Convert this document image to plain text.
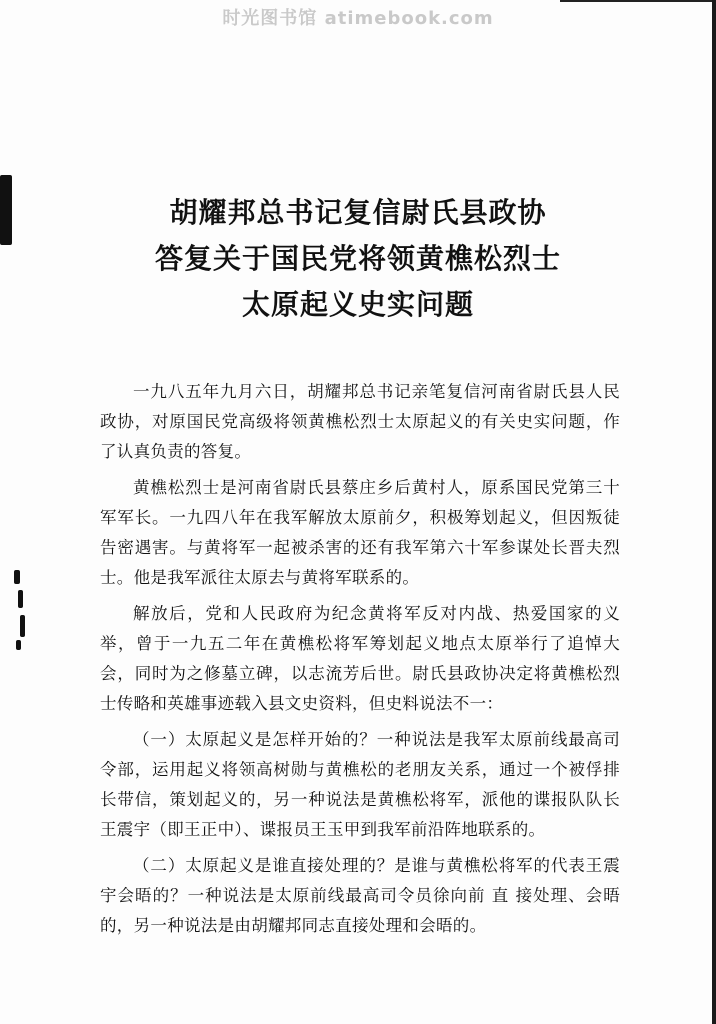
时光图书馆 atimebook.com
胡耀邦总书记复信尉氏县政协
答复关于国民党将领黄樵松烈士
太原起义史实问题

一九八五年九月六日，胡耀邦总书记亲笔复信河南省尉氏县人民政协，对原国民党高级将领黄樵松烈士太原起义的有关史实问题，作了认真负责的答复。

黄樵松烈士是河南省尉氏县蔡庄乡后黄村人，原系国民党第三十军军长。一九四八年在我军解放太原前夕，积极筹划起义，但因叛徒告密遇害。与黄将军一起被杀害的还有我军第六十军参谋处长晋夫烈士。他是我军派往太原去与黄将军联系的。

解放后，党和人民政府为纪念黄将军反对内战、热爱国家的义举，曾于一九五二年在黄樵松将军筹划起义地点太原举行了追悼大会，同时为之修墓立碑，以志流芳后世。尉氏县政协决定将黄樵松烈士传略和英雄事迹载入县文史资料，但史料说法不一：

（一）太原起义是怎样开始的？一种说法是我军太原前线最高司令部，运用起义将领高树勋与黄樵松的老朋友关系，通过一个被俘排长带信，策划起义的，另一种说法是黄樵松将军，派他的谍报队队长王震宇（即王正中）、谍报员王玉甲到我军前沿阵地联系的。

（二）太原起义是谁直接处理的？是谁与黄樵松将军的代表王震宇会晤的？一种说法是太原前线最高司令员徐向前 直 接处理、会晤的，另一种说法是由胡耀邦同志直接处理和会晤的。
